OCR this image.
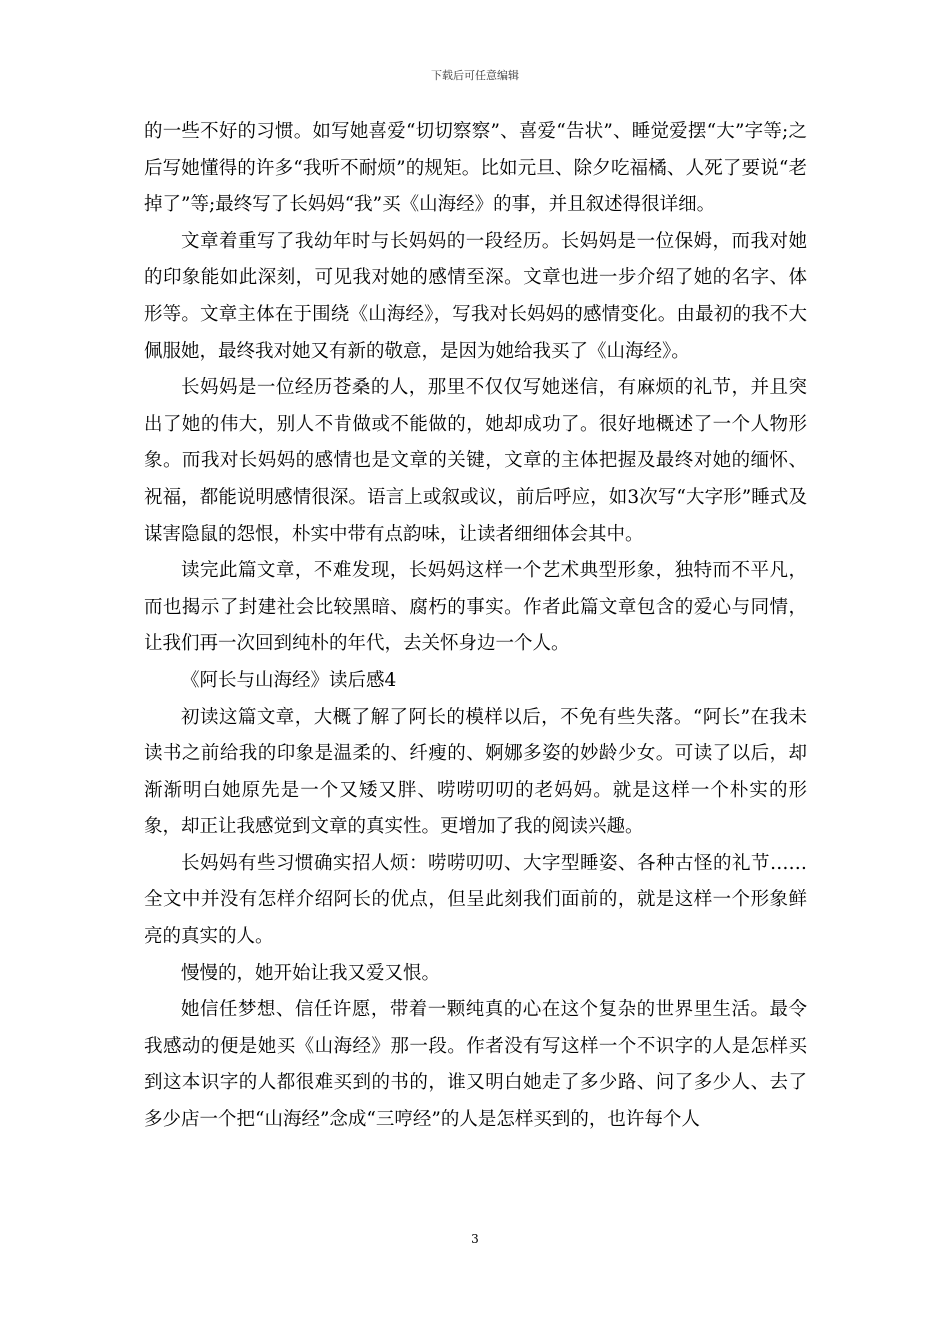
下载后可任意编辑

的一些不好的习惯。如写她喜爱“切切察察”、喜爱“告状”、睡觉爱摆“大”字等;之后写她懂得的许多“我听不耐烦”的规矩。比如元旦、除夕吃福橘、人死了要说“老掉了”等;最终写了长妈妈“我”买《山海经》的事，并且叙述得很详细。

文章着重写了我幼年时与长妈妈的一段经历。长妈妈是一位保姆，而我对她的印象能如此深刻，可见我对她的感情至深。文章也进一步介绍了她的名字、体形等。文章主体在于围绕《山海经》，写我对长妈妈的感情变化。由最初的我不大佩服她，最终我对她又有新的敬意，是因为她给我买了《山海经》。

长妈妈是一位经历苍桑的人，那里不仅仅写她迷信，有麻烦的礼节，并且突出了她的伟大，别人不肯做或不能做的，她却成功了。很好地概述了一个人物形象。而我对长妈妈的感情也是文章的关键，文章的主体把握及最终对她的缅怀、祝福，都能说明感情很深。语言上或叙或议，前后呼应，如3次写“大字形”睡式及谋害隐鼠的怨恨，朴实中带有点韵味，让读者细细体会其中。

读完此篇文章，不难发现，长妈妈这样一个艺术典型形象，独特而不平凡，而也揭示了封建社会比较黑暗、腐朽的事实。作者此篇文章包含的爱心与同情，让我们再一次回到纯朴的年代，去关怀身边一个人。

《阿长与山海经》读后感4

初读这篇文章，大概了解了阿长的模样以后，不免有些失落。“阿长”在我未读书之前给我的印象是温柔的、纤瘦的、婀娜多姿的妙龄少女。可读了以后，却渐渐明白她原先是一个又矮又胖、唠唠叨叨的老妈妈。就是这样一个朴实的形象，却正让我感觉到文章的真实性。更增加了我的阅读兴趣。

长妈妈有些习惯确实招人烦：唠唠叨叨、大字型睡姿、各种古怪的礼节……全文中并没有怎样介绍阿长的优点，但呈此刻我们面前的，就是这样一个形象鲜亮的真实的人。

慢慢的，她开始让我又爱又恨。

她信任梦想、信任许愿，带着一颗纯真的心在这个复杂的世界里生活。最令我感动的便是她买《山海经》那一段。作者没有写这样一个不识字的人是怎样买到这本识字的人都很难买到的书的，谁又明白她走了多少路、问了多少人、去了多少店一个把“山海经”念成“三哼经”的人是怎样买到的，也许每个人

3
